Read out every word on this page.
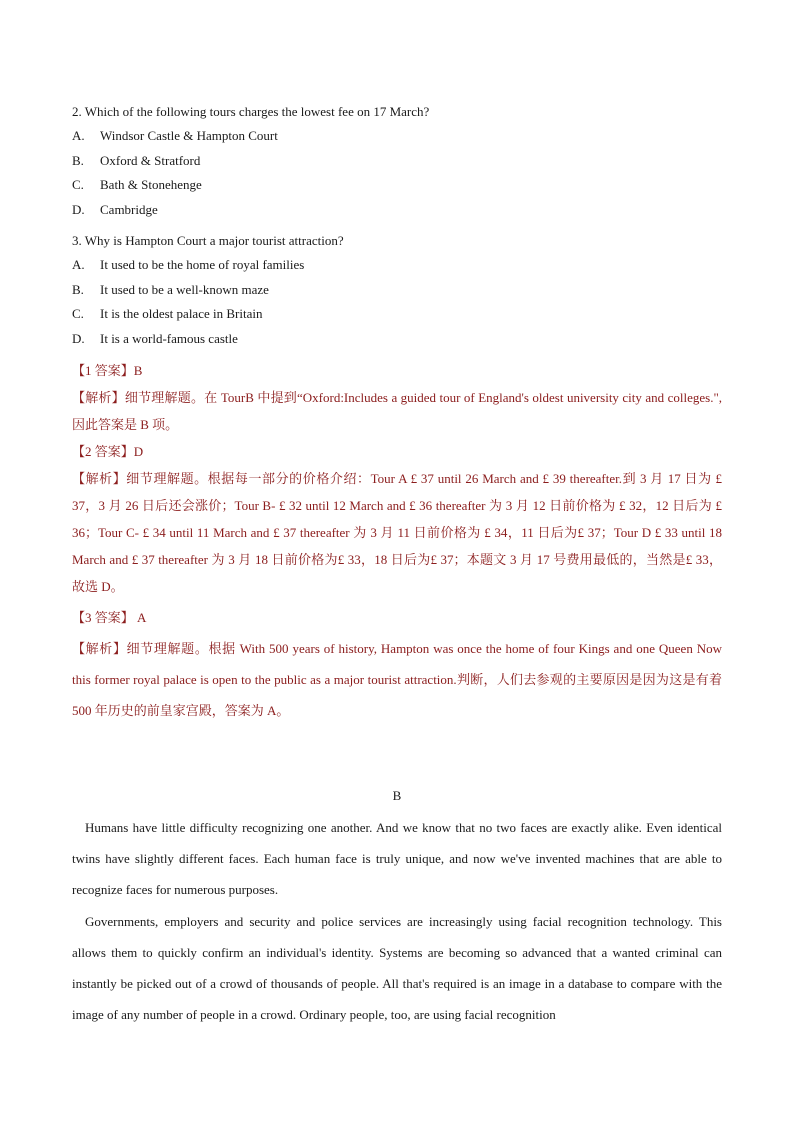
2. Which of the following tours charges the lowest fee on 17 March?

A.	Windsor Castle & Hampton Court
B.	Oxford & Stratford
C.	Bath & Stonehenge
D.	Cambridge

3. Why is Hampton Court a major tourist attraction?

A.	It used to be the home of royal families
B.	It used to be a well-known maze
C.	It is the oldest palace in Britain
D.	It is a world-famous castle

【1 答案】B

【解析】细节理解题。在 TourB 中提到“Oxford:Includes a guided tour of England's oldest university city and colleges.",因此答案是 B 项。

【2 答案】D

【解析】细节理解题。根据每一部分的价格介绍：Tour A £ 37 until 26 March and £ 39 thereafter.到 3 月 17 日为 £ 37，3 月 26 日后还会涨价；Tour B- £ 32 until 12 March and £ 36 thereafter 为 3 月 12 日前价格为 £ 32，12 日后为 £ 36；Tour C- £ 34 until 11 March and £ 37 thereafter 为 3 月 11 日前价格为 £ 34，11 日后为£ 37；Tour D £ 33 until 18 March and £ 37 thereafter 为 3 月 18 日前价格为£ 33，18 日后为£ 37；本题文 3 月 17 号费用最低的，当然是£ 33，故选 D。

【3 答案】 A

【解析】细节理解题。根据 With 500 years of history, Hampton was once the home of four Kings and one Queen Now this former royal palace is open to the public as a major tourist attraction.判断，人们去参观的主要原因是因为这是有着 500 年历史的前皇家宫殿，答案为 A。

B

Humans have little difficulty recognizing one another. And we know that no two faces are exactly alike. Even identical twins have slightly different faces. Each human face is truly unique, and now we've invented machines that are able to recognize faces for numerous purposes.

Governments, employers and security and police services are increasingly using facial recognition technology. This allows them to quickly confirm an individual's identity. Systems are becoming so advanced that a wanted criminal can instantly be picked out of a crowd of thousands of people. All that's required is an image in a database to compare with the image of any number of people in a crowd. Ordinary people, too, are using facial recognition
